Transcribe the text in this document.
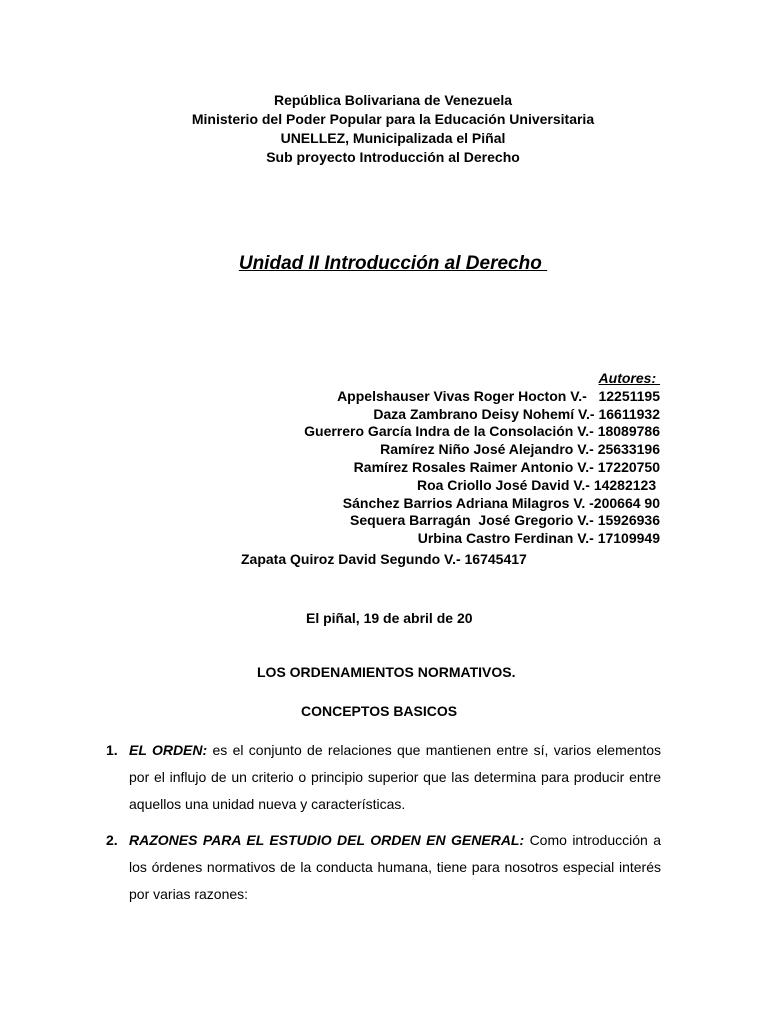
República Bolivariana de Venezuela
Ministerio del Poder Popular para la Educación Universitaria
UNELLEZ, Municipalizada el Piñal
Sub proyecto Introducción al Derecho
Unidad II Introducción al Derecho
Autores:
Appelshauser Vivas Roger Hocton V.-   12251195
Daza Zambrano Deisy Nohemí V.- 16611932
Guerrero García Indra de la Consolación V.- 18089786
Ramírez Niño José Alejandro V.- 25633196
Ramírez Rosales Raimer Antonio V.- 17220750
Roa Criollo José David V.- 14282123
Sánchez Barrios Adriana Milagros V. -200664 90
Sequera Barragán  José Gregorio V.- 15926936
Urbina Castro Ferdinan V.- 17109949
Zapata Quiroz David Segundo V.- 16745417
El piñal, 19 de abril de 20
LOS ORDENAMIENTOS NORMATIVOS.
CONCEPTOS BASICOS
1. EL ORDEN: es el conjunto de relaciones que mantienen entre sí, varios elementos por el influjo de un criterio o principio superior que las determina para producir entre aquellos una unidad nueva y características.
2. RAZONES PARA EL ESTUDIO DEL ORDEN EN GENERAL: Como introducción a los órdenes normativos de la conducta humana, tiene para nosotros especial interés por varias razones:
